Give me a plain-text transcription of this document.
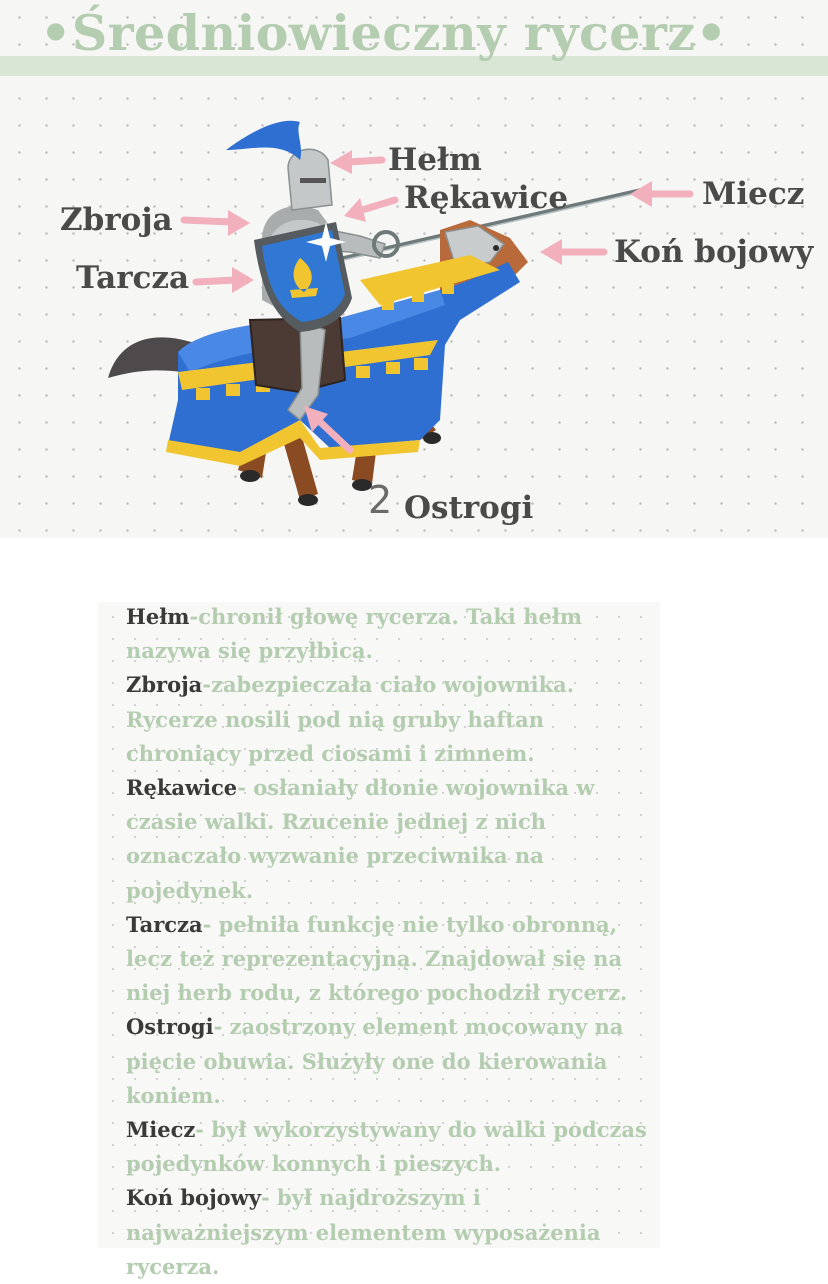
•Średniowieczny rycerz•
Hełm
Rękawice	Miecz
Zbroja
Koń bojowy
Tarcza
2 Ostrogi
Hełm-chronił głowę rycerza. Taki hełm nazywa się przyłbicą.
Zbroja-zabezpieczała ciało wojownika. Rycerze nosili pod nią gruby haftan chroniący przed ciosami i zimnem.
Rękawice- osłaniały dłonie wojownika w czasie walki. Rzucenie jednej z nich oznaczało wyzwanie przeciwnika na pojedynek.
Tarcza- pełniła funkcję nie tylko obronną, lecz też reprezentacyjną. Znajdował się na niej herb rodu, z którego pochodził rycerz.
Ostrogi- zaostrzony element mocowany na pięcie obuwia. Służyły one do kierowania koniem.
Miecz- był wykorzystywany do walki podczas pojedynków konnych i pieszych.
Koń bojowy- był najdroższym i najważniejszym elementem wyposażenia rycerza.
